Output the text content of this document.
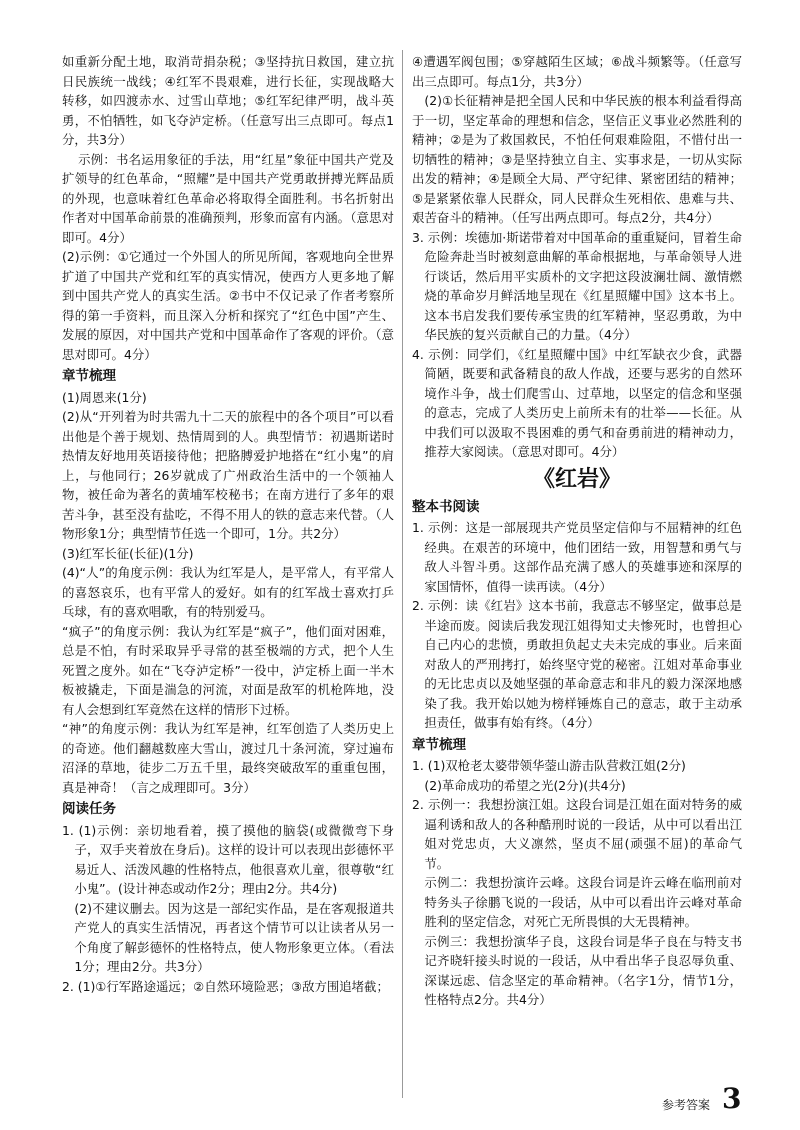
如重新分配土地，取消苛捐杂税；③坚持抗日救国，建立抗日民族统一战线；④红军不畏艰难，进行长征，实现战略大转移，如四渡赤水、过雪山草地；⑤红军纪律严明，战斗英勇，不怕牺牲，如飞夺泸定桥。（任意写出三点即可。每点1分，共3分）

示例：书名运用象征的手法，用“红星”象征中国共产党及扩领导的红色革命，“照耀”是中国共产党勇敢拼搏光辉品质的外现，也意味着红色革命必将取得全面胜利。书名折射出作者对中国革命前景的准确预判，形象而富有内涵。（意思对即可。4分）

(2)示例：①它通过一个外国人的所见所闻，客观地向全世界扩道了中国共产党和红军的真实情况，使西方人更多地了解到中国共产党人的真实生活。②书中不仅记录了作者考察所得的第一手资料，而且深入分析和探究了“红色中国”产生、发展的原因，对中国共产党和中国革命作了客观的评价。（意思对即可。4分）

章节梳理

(1)周恩来(1分)

(2)从“开列着为时共需九十二天的旅程中的各个项目”可以看出他是个善于规划、热情周到的人。典型情节：初遇斯诺时热情友好地用英语接待他；把胳膊爱护地搭在“红小鬼”的肩上，与他同行；26岁就成了广州政治生活中的一个领袖人物，被任命为著名的黄埔军校秘书；在南方进行了多年的艰苦斗争，甚至没有盐吃，不得不用人的铁的意志来代替。（人物形象1分；典型情节任选一个即可，1分。共2分）

(3)红军长征(长征)(1分)

(4)“人”的角度示例：我认为红军是人，是平常人，有平常人的喜怒哀乐，也有平常人的爱好。如有的红军战士喜欢打乒乓球，有的喜欢唱歌，有的特别爱马。

“疯子”的角度示例：我认为红军是“疯子”，他们面对困难，总是不怕，有时采取异乎寻常的甚至极端的方式，把个人生死置之度外。如在“飞夺泸定桥”一役中，泸定桥上面一半木板被撬走，下面是湍急的河流，对面是敌军的机枪阵地，没有人会想到红军竟然在这样的情形下过桥。

“神”的角度示例：我认为红军是神，红军创造了人类历史上的奇迹。他们翻越数座大雪山，渡过几十条河流，穿过遍布沼泽的草地，徒步二万五千里，最终突破敌军的重重包围，真是神奇！（言之成理即可。3分）

阅读任务

1. (1)示例：亲切地看着，摸了摸他的脑袋(或微微弯下身子，双手夹着放在身后)。这样的设计可以表现出彭德怀平易近人、活泼风趣的性格特点，他很喜欢儿童，很尊敬“红小鬼”。(设计神态或动作2分；理由2分。共4分)

(2)不建议删去。因为这是一部纪实作品，是在客观报道共产党人的真实生活情况，再者这个情节可以让读者从另一个角度了解彭德怀的性格特点，使人物形象更立体。（看法1分；理由2分。共3分）

2. (1)①行军路途遥远；②自然环境险恶；③敌方围追堵截；

④遭遇军阀包围；⑤穿越陌生区域；⑥战斗频繁等。（任意写出三点即可。每点1分，共3分）

(2)①长征精神是把全国人民和中华民族的根本利益看得高于一切，坚定革命的理想和信念，坚信正义事业必然胜利的精神；②是为了救国救民，不怕任何艰难险阻，不惜付出一切牺牲的精神；③是坚持独立自主、实事求是，一切从实际出发的精神；④是顾全大局、严守纪律、紧密团结的精神；⑤是紧紧依靠人民群众，同人民群众生死相依、患难与共、艰苦奋斗的精神。（任写出两点即可。每点2分，共4分）

3. 示例：埃德加·斯诺带着对中国革命的重重疑问，冒着生命危险奔赴当时被刻意曲解的革命根据地，与革命领导人进行谈话，然后用平实质朴的文字把这段波澜壮阔、激情燃烧的革命岁月鲜活地呈现在《红星照耀中国》这本书上。这本书启发我们要传承宝贵的红军精神，坚忍勇敢，为中华民族的复兴贡献自己的力量。（4分）

4. 示例：同学们，《红星照耀中国》中红军缺衣少食，武器简陋，既要和武备精良的敌人作战，还要与恶劣的自然环境作斗争，战士们爬雪山、过草地，以坚定的信念和坚强的意志，完成了人类历史上前所未有的壮举——长征。从中我们可以汲取不畏困难的勇气和奋勇前进的精神动力，推荐大家阅读。（意思对即可。4分）

《红岩》

整本书阅读

1. 示例：这是一部展现共产党员坚定信仰与不屈精神的红色经典。在艰苦的环境中，他们团结一致，用智慧和勇气与敌人斗智斗勇。这部作品充满了感人的英雄事迹和深厚的家国情怀，值得一读再读。（4分）

2. 示例：读《红岩》这本书前，我意志不够坚定，做事总是半途而废。阅读后我发现江姐得知丈夫惨死时，也曾担心自己内心的悲愤，勇敢担负起丈夫未完成的事业。后来面对敌人的严刑拷打，始终坚守党的秘密。江姐对革命事业的无比忠贞以及她坚强的革命意志和非凡的毅力深深地感染了我。我开始以她为榜样锤炼自己的意志，敢于主动承担责任，做事有始有终。（4分）

章节梳理

1. (1)双枪老太婆带领华蓥山游击队营救江姐(2分)

(2)革命成功的希望之光(2分)(共4分)

2. 示例一：我想扮演江姐。这段台词是江姐在面对特务的威逼利诱和敌人的各种酷刑时说的一段话，从中可以看出江姐对党忠贞，大义凛然，坚贞不屈(顽强不屈)的革命气节。

示例二：我想扮演许云峰。这段台词是许云峰在临刑前对特务头子徐鹏飞说的一段话，从中可以看出许云峰对革命胜利的坚定信念，对死亡无所畏惧的大无畏精神。

示例三：我想扮演华子良，这段台词是华子良在与特支书记齐晓轩接头时说的一段话，从中看出华子良忍辱负重、深谋远虑、信念坚定的革命精神。（名字1分，情节1分，性格特点2分。共4分）

参考答案 3
